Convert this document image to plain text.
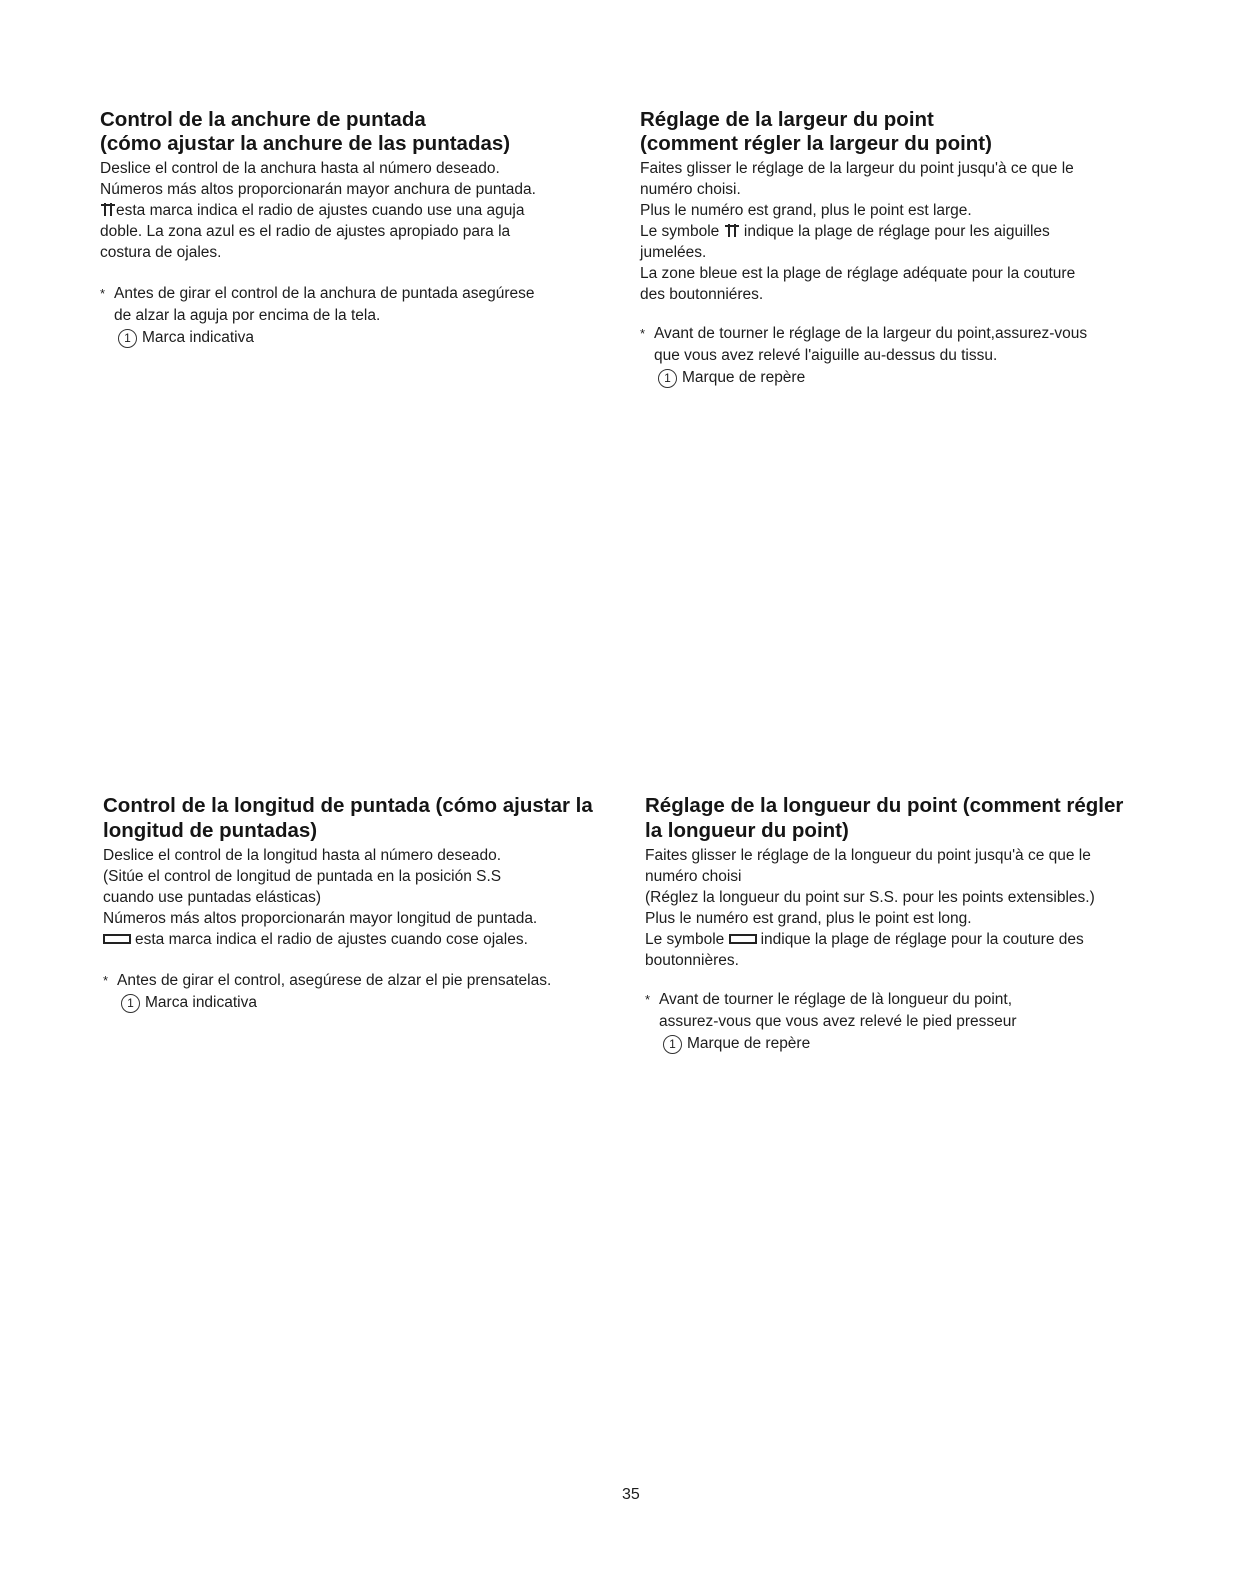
Control de la anchure de puntada
(cómo ajustar la anchure de las puntadas)

Deslice el control de la anchura hasta al número deseado.

Números más altos proporcionarán mayor anchura de puntada.

esta marca indica el radio de ajustes cuando use una aguja

doble. La zona azul es el radio de ajustes apropiado para la

costura de ojales.

* Antes de girar el control de la anchura de puntada asegúrese
de alzar la aguja por encima de la tela.
1 Marca indicativa
Réglage de la largeur du point
(comment régler la largeur du point)

Faites glisser le réglage de la largeur du point jusqu'à ce que le

numéro choisi.

Plus le numéro est grand, plus le point est large.

Le symbole indique la plage de réglage pour les aiguilles

jumelées.

La zone bleue est la plage de réglage adéquate pour la couture

des boutonniéres.

* Avant de tourner le réglage de la largeur du point,assurez-vous
que vous avez relevé l'aiguille au-dessus du tissu.
1 Marque de repère
Control de la longitud de puntada (cómo ajustar la
longitud de puntadas)

Deslice el control de la longitud hasta al número deseado.

(Sitúe el control de longitud de puntada en la posición S.S

cuando use puntadas elásticas)

Números más altos proporcionarán mayor longitud de puntada.

esta marca indica el radio de ajustes cuando cose ojales.

* Antes de girar el control, asegúrese de alzar el pie prensatelas.
1 Marca indicativa
Réglage de la longueur du point (comment régler
la longueur du point)

Faites glisser le réglage de la longueur du point jusqu'à ce que le

numéro choisi

(Réglez la longueur du point sur S.S. pour les points extensibles.)

Plus le numéro est grand, plus le point est long.

Le symbole indique la plage de réglage pour la couture des

boutonnières.

* Avant de tourner le réglage de là longueur du point,
assurez-vous que vous avez relevé le pied presseur
1 Marque de repère
35
